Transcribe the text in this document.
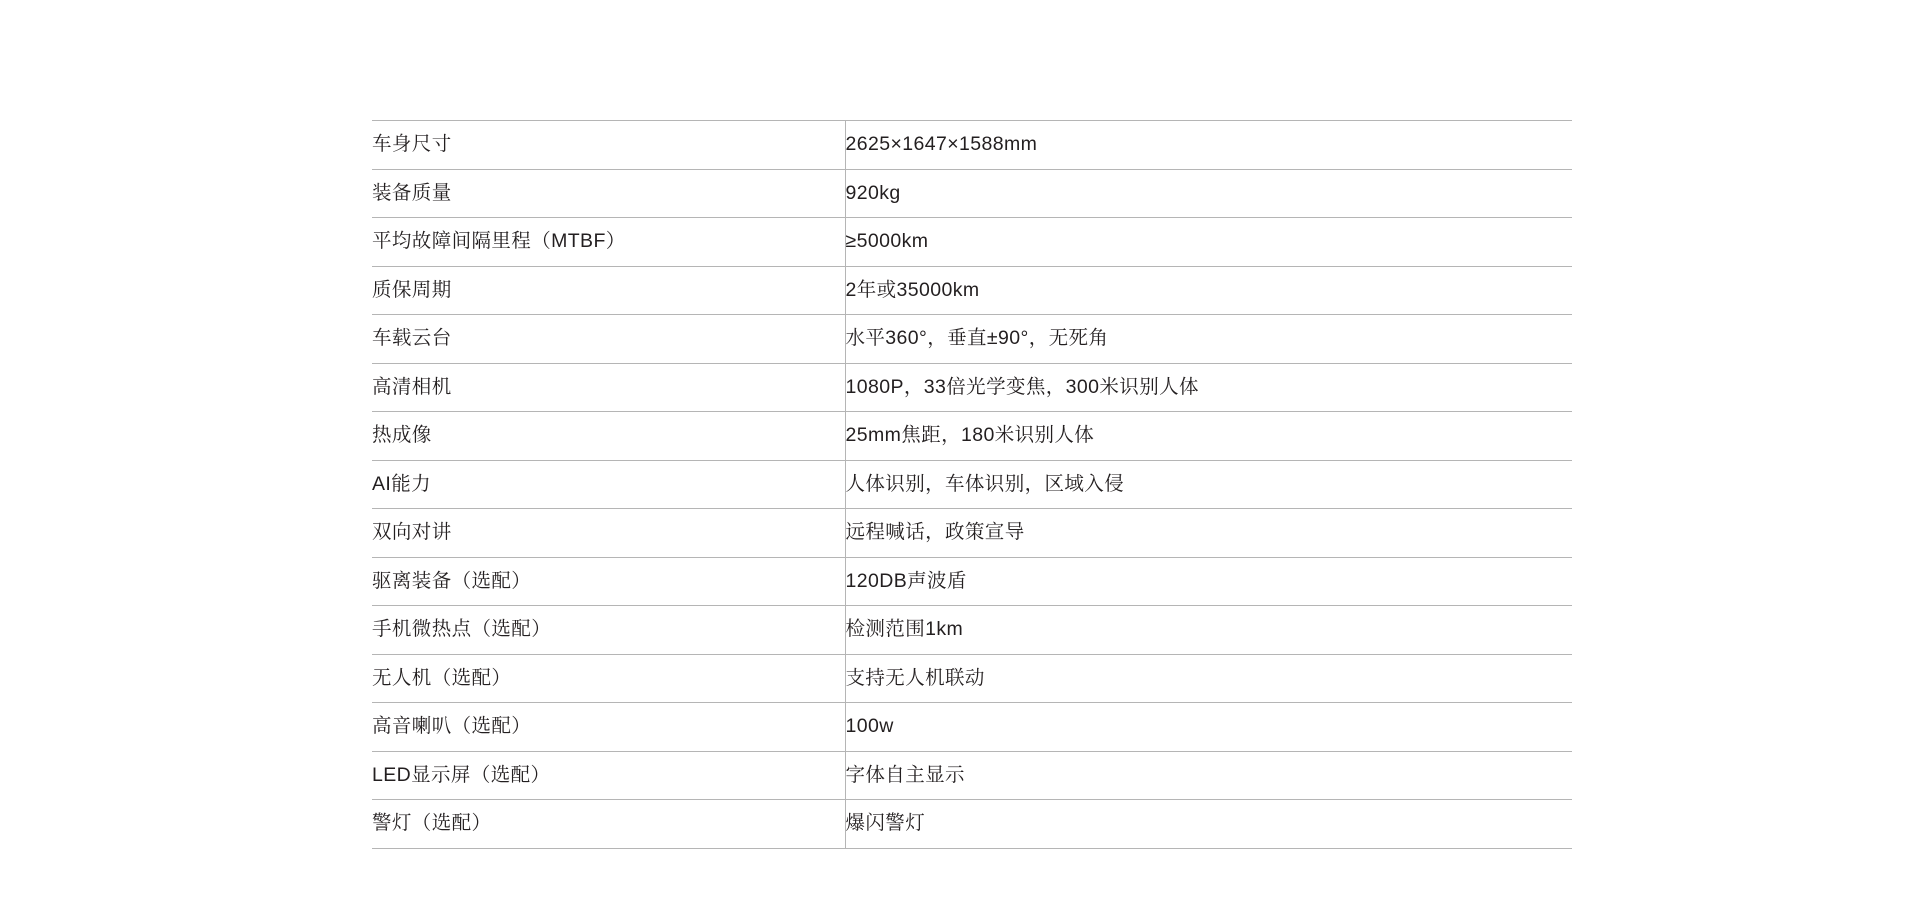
车身尺寸	2625×1647×1588mm
装备质量	920kg
平均故障间隔里程（MTBF）	≥5000km
质保周期	2年或35000km
车载云台	水平360°，垂直±90°，无死角
高清相机	1080P，33倍光学变焦，300米识别人体
热成像	25mm焦距，180米识别人体
AI能力	人体识别，车体识别，区域入侵
双向对讲	远程喊话，政策宣导
驱离装备（选配）	120DB声波盾
手机微热点（选配）	检测范围1km
无人机（选配）	支持无人机联动
高音喇叭（选配）	100w
LED显示屏（选配）	字体自主显示
警灯（选配）	爆闪警灯
